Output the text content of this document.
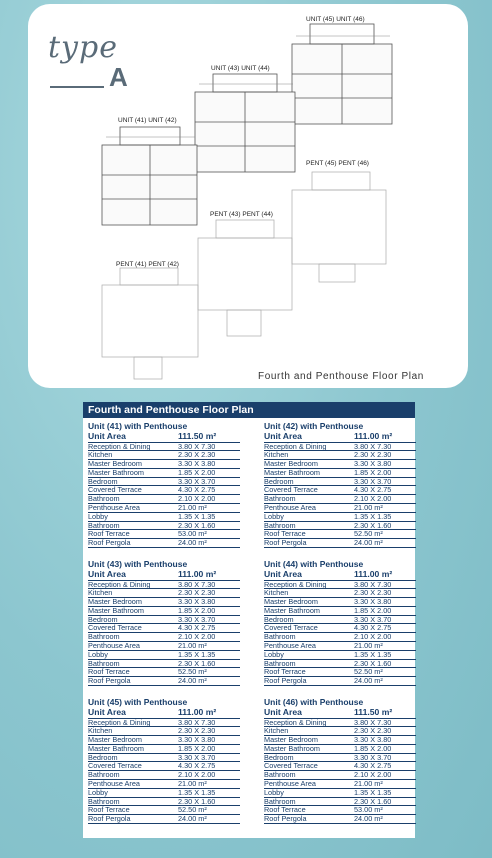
type
A
UNIT (45) UNIT (46)
UNIT (43) UNIT (44)
UNIT (41) UNIT (42)
PENT (45) PENT (46)
PENT (43) PENT (44)
PENT (41) PENT (42)
Fourth and Penthouse Floor Plan
Fourth and Penthouse Floor Plan
Unit (41) with Penthouse
Unit Area	111.50 m²
Reception & Dining	3.80 X 7.30
Kitchen	2.30 X 2.30
Master Bedroom	3.30 X 3.80
Master Bathroom	1.85 X 2.00
Bedroom	3.30 X 3.70
Covered Terrace	4.30 X 2.75
Bathroom	2.10 X 2.00
Penthouse Area	21.00 m²
Lobby	1.35 X 1.35
Bathroom	2.30 X 1.60
Roof Terrace	53.00 m²
Roof Pergola	24.00 m²
Unit (42) with Penthouse
Unit Area	111.00 m²
Reception & Dining	3.80 X 7.30
Kitchen	2.30 X 2.30
Master Bedroom	3.30 X 3.80
Master Bathroom	1.85 X 2.00
Bedroom	3.30 X 3.70
Covered Terrace	4.30 X 2.75
Bathroom	2.10 X 2.00
Penthouse Area	21.00 m²
Lobby	1.35 X 1.35
Bathroom	2.30 X 1.60
Roof Terrace	52.50 m²
Roof Pergola	24.00 m²
Unit (43) with Penthouse
Unit Area	111.00 m²
Reception & Dining	3.80 X 7.30
Kitchen	2.30 X 2.30
Master Bedroom	3.30 X 3.80
Master Bathroom	1.85 X 2.00
Bedroom	3.30 X 3.70
Covered Terrace	4.30 X 2.75
Bathroom	2.10 X 2.00
Penthouse Area	21.00 m²
Lobby	1.35 X 1.35
Bathroom	2.30 X 1.60
Roof Terrace	52.50 m²
Roof Pergola	24.00 m²
Unit (44) with Penthouse
Unit Area	111.00 m²
Reception & Dining	3.80 X 7.30
Kitchen	2.30 X 2.30
Master Bedroom	3.30 X 3.80
Master Bathroom	1.85 X 2.00
Bedroom	3.30 X 3.70
Covered Terrace	4.30 X 2.75
Bathroom	2.10 X 2.00
Penthouse Area	21.00 m²
Lobby	1.35 X 1.35
Bathroom	2.30 X 1.60
Roof Terrace	52.50 m²
Roof Pergola	24.00 m²
Unit (45) with Penthouse
Unit Area	111.00 m²
Reception & Dining	3.80 X 7.30
Kitchen	2.30 X 2.30
Master Bedroom	3.30 X 3.80
Master Bathroom	1.85 X 2.00
Bedroom	3.30 X 3.70
Covered Terrace	4.30 X 2.75
Bathroom	2.10 X 2.00
Penthouse Area	21.00 m²
Lobby	1.35 X 1.35
Bathroom	2.30 X 1.60
Roof Terrace	52.50 m²
Roof Pergola	24.00 m²
Unit (46) with Penthouse
Unit Area	111.50 m²
Reception & Dining	3.80 X 7.30
Kitchen	2.30 X 2.30
Master Bedroom	3.30 X 3.80
Master Bathroom	1.85 X 2.00
Bedroom	3.30 X 3.70
Covered Terrace	4.30 X 2.75
Bathroom	2.10 X 2.00
Penthouse Area	21.00 m²
Lobby	1.35 X 1.35
Bathroom	2.30 X 1.60
Roof Terrace	53.00 m²
Roof Pergola	24.00 m²
